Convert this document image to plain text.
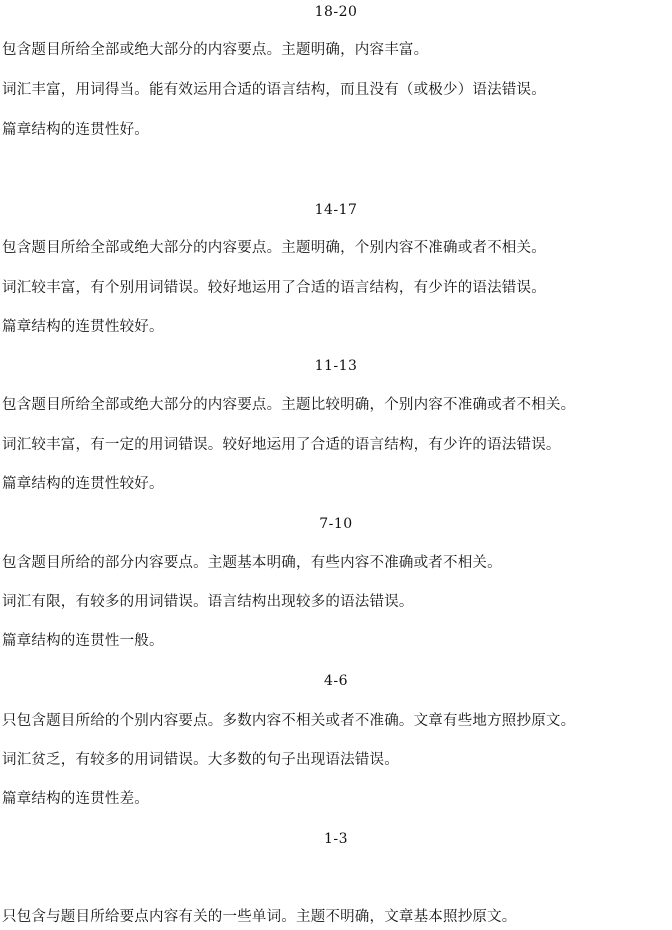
18-20
包含题目所给全部或绝大部分的内容要点。主题明确，内容丰富。
词汇丰富，用词得当。能有效运用合适的语言结构，而且没有（或极少）语法错误。
篇章结构的连贯性好。
14-17
包含题目所给全部或绝大部分的内容要点。主题明确，个别内容不准确或者不相关。
词汇较丰富，有个别用词错误。较好地运用了合适的语言结构，有少许的语法错误。
篇章结构的连贯性较好。
11-13
包含题目所给全部或绝大部分的内容要点。主题比较明确，个别内容不准确或者不相关。
词汇较丰富，有一定的用词错误。较好地运用了合适的语言结构，有少许的语法错误。
篇章结构的连贯性较好。
7-10
包含题目所给的部分内容要点。主题基本明确，有些内容不准确或者不相关。
词汇有限，有较多的用词错误。语言结构出现较多的语法错误。
篇章结构的连贯性一般。
4-6
只包含题目所给的个别内容要点。多数内容不相关或者不准确。文章有些地方照抄原文。
词汇贫乏，有较多的用词错误。大多数的句子出现语法错误。
篇章结构的连贯性差。
1-3
只包含与题目所给要点内容有关的一些单词。主题不明确，文章基本照抄原文。
